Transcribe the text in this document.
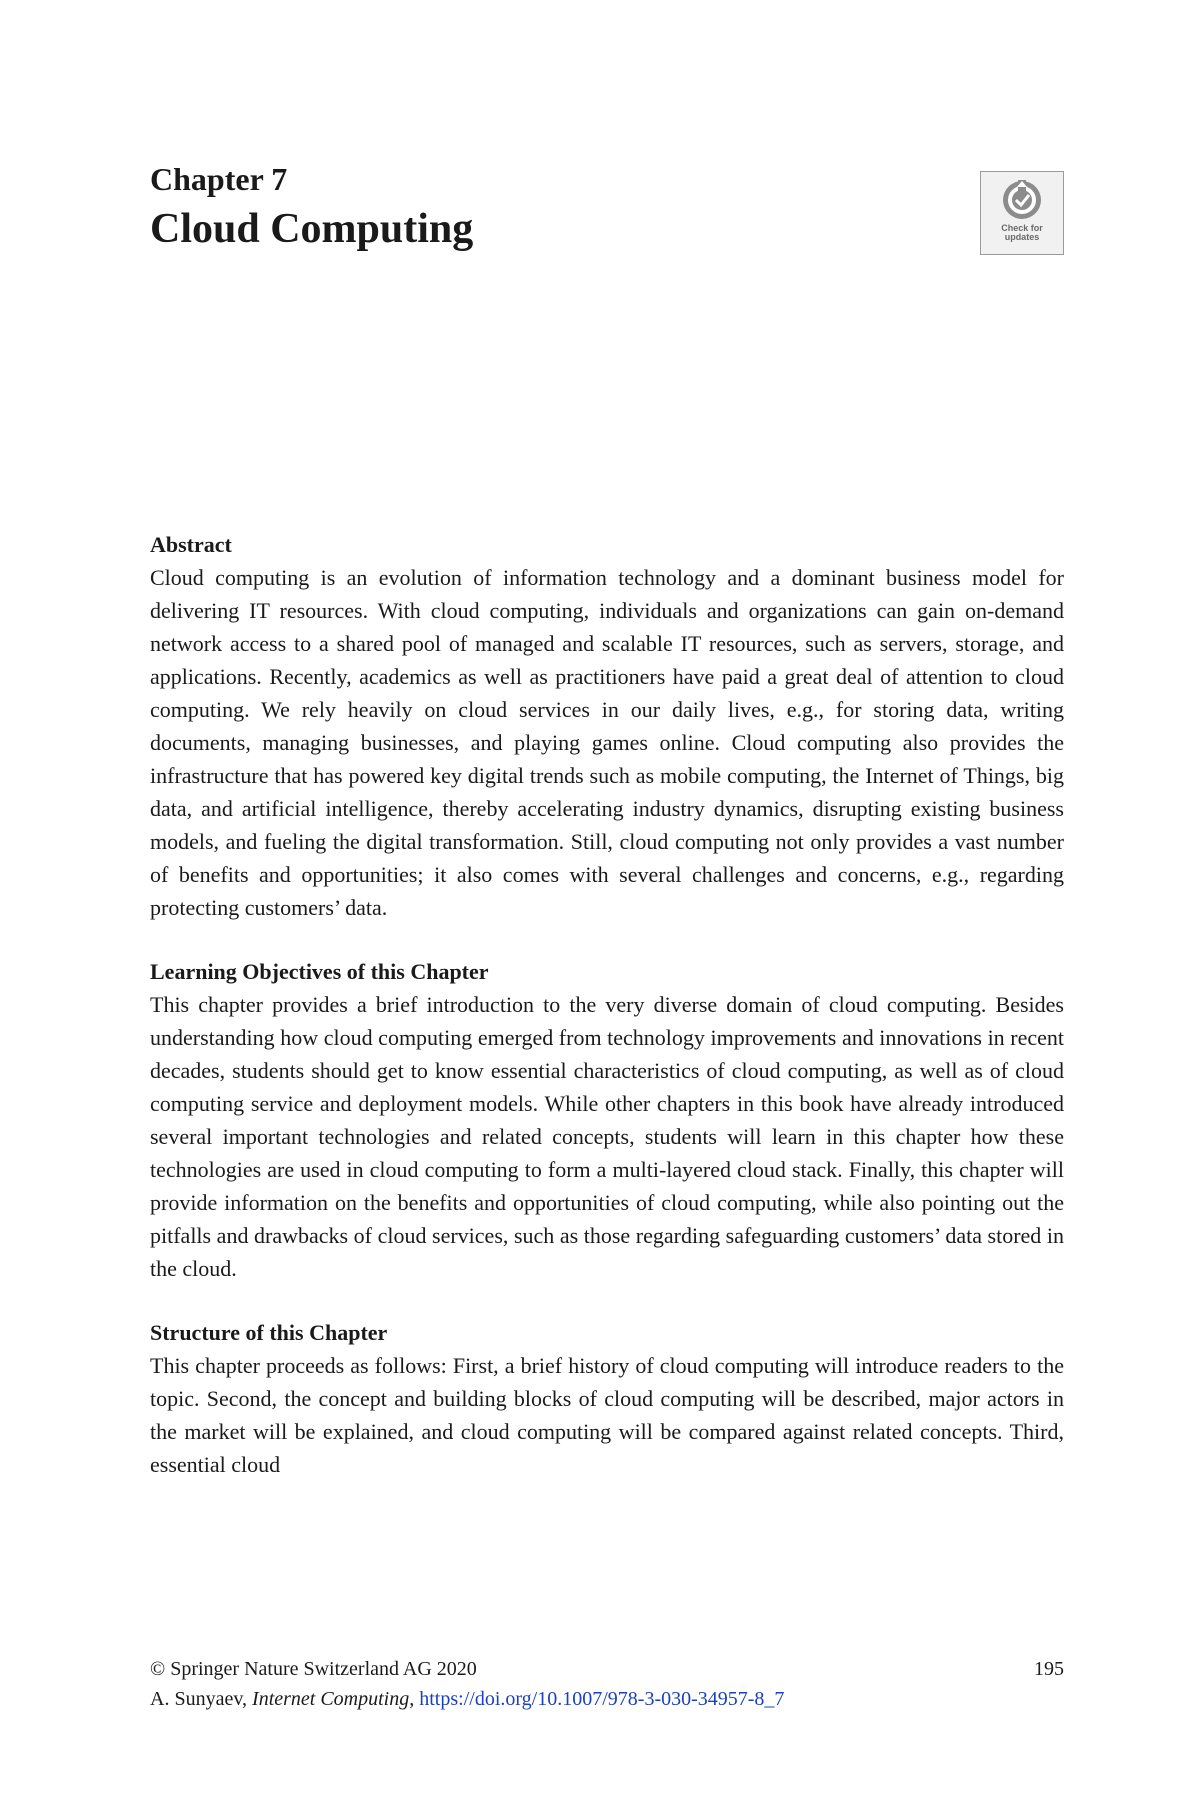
Chapter 7
Cloud Computing	Check for updates

Abstract

Cloud computing is an evolution of information technology and a dominant business model for delivering IT resources. With cloud computing, individuals and organizations can gain on-demand network access to a shared pool of managed and scalable IT resources, such as servers, storage, and applications. Recently, academics as well as practitioners have paid a great deal of attention to cloud computing. We rely heavily on cloud services in our daily lives, e.g., for storing data, writing documents, managing businesses, and playing games online. Cloud computing also provides the infrastructure that has powered key digital trends such as mobile computing, the Internet of Things, big data, and artificial intelligence, thereby accelerating industry dynamics, disrupting existing business models, and fueling the digital transformation. Still, cloud computing not only provides a vast number of benefits and opportunities; it also comes with several challenges and concerns, e.g., regarding protecting customers’ data.

Learning Objectives of this Chapter

This chapter provides a brief introduction to the very diverse domain of cloud computing. Besides understanding how cloud computing emerged from technology improvements and innovations in recent decades, students should get to know essential characteristics of cloud computing, as well as of cloud computing service and deployment models. While other chapters in this book have already introduced several important technologies and related concepts, students will learn in this chapter how these technologies are used in cloud computing to form a multi-layered cloud stack. Finally, this chapter will provide information on the benefits and opportunities of cloud computing, while also pointing out the pitfalls and drawbacks of cloud services, such as those regarding safeguarding customers’ data stored in the cloud.

Structure of this Chapter

This chapter proceeds as follows: First, a brief history of cloud computing will introduce readers to the topic. Second, the concept and building blocks of cloud computing will be described, major actors in the market will be explained, and cloud computing will be compared against related concepts. Third, essential cloud

© Springer Nature Switzerland AG 2020	195
A. Sunyaev, Internet Computing, https://doi.org/10.1007/978-3-030-34957-8_7
